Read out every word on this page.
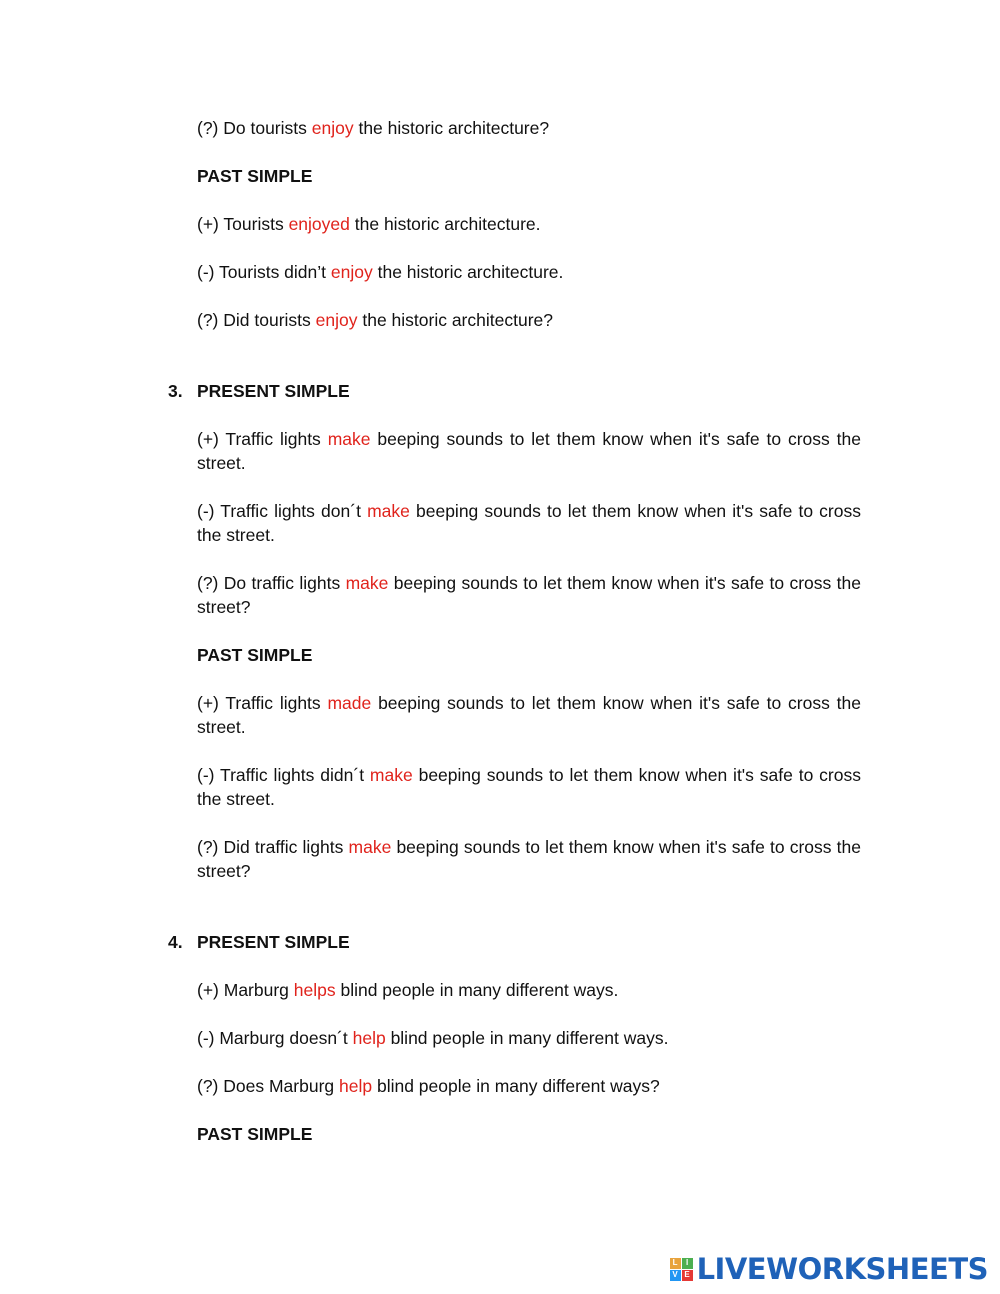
(?) Do tourists enjoy the historic architecture?
PAST SIMPLE
(+) Tourists enjoyed the historic architecture.
(-) Tourists didn’t enjoy the historic architecture.
(?) Did tourists enjoy the historic architecture?
3. PRESENT SIMPLE
(+) Traffic lights make beeping sounds to let them know when it's safe to cross the street.
(-) Traffic lights don´t make beeping sounds to let them know when it's safe to cross the street.
(?) Do traffic lights make beeping sounds to let them know when it's safe to cross the street?
PAST SIMPLE
(+) Traffic lights made beeping sounds to let them know when it's safe to cross the street.
(-) Traffic lights didn´t make beeping sounds to let them know when it's safe to cross the street.
(?) Did traffic lights make beeping sounds to let them know when it's safe to cross the street?
4. PRESENT SIMPLE
(+) Marburg helps blind people in many different ways.
(-) Marburg doesn´t help blind people in many different ways.
(?) Does Marburg help blind people in many different ways?
PAST SIMPLE
L	I
V E LIVEWORKSHEETS
